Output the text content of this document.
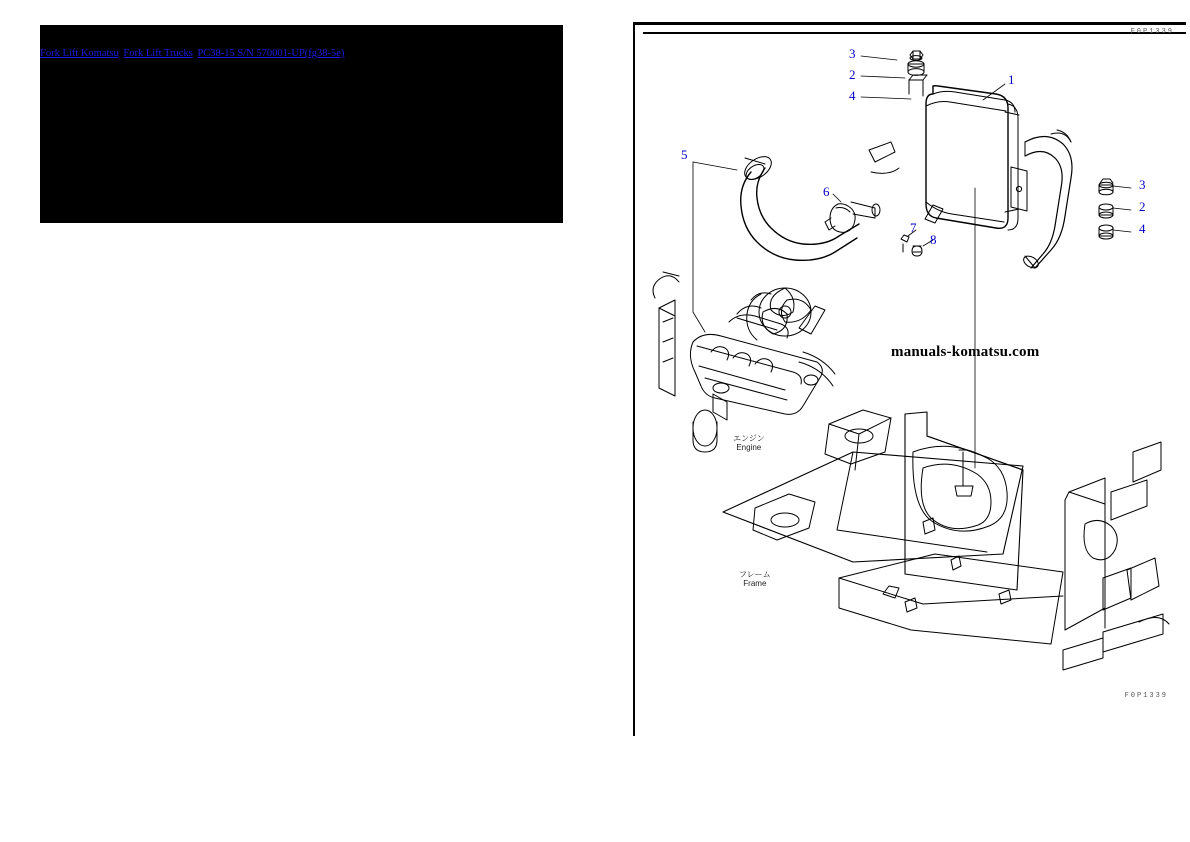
Fork Lift Komatsu Fork Lift Trucks PC38-15 S/N 570001-UP(fg38-5e)
F0P1339
F0P1339
manuals-komatsu.com
3
2
4
1
5
6
7
8
3
2
4
エンジン
Engine
フレーム
Frame
